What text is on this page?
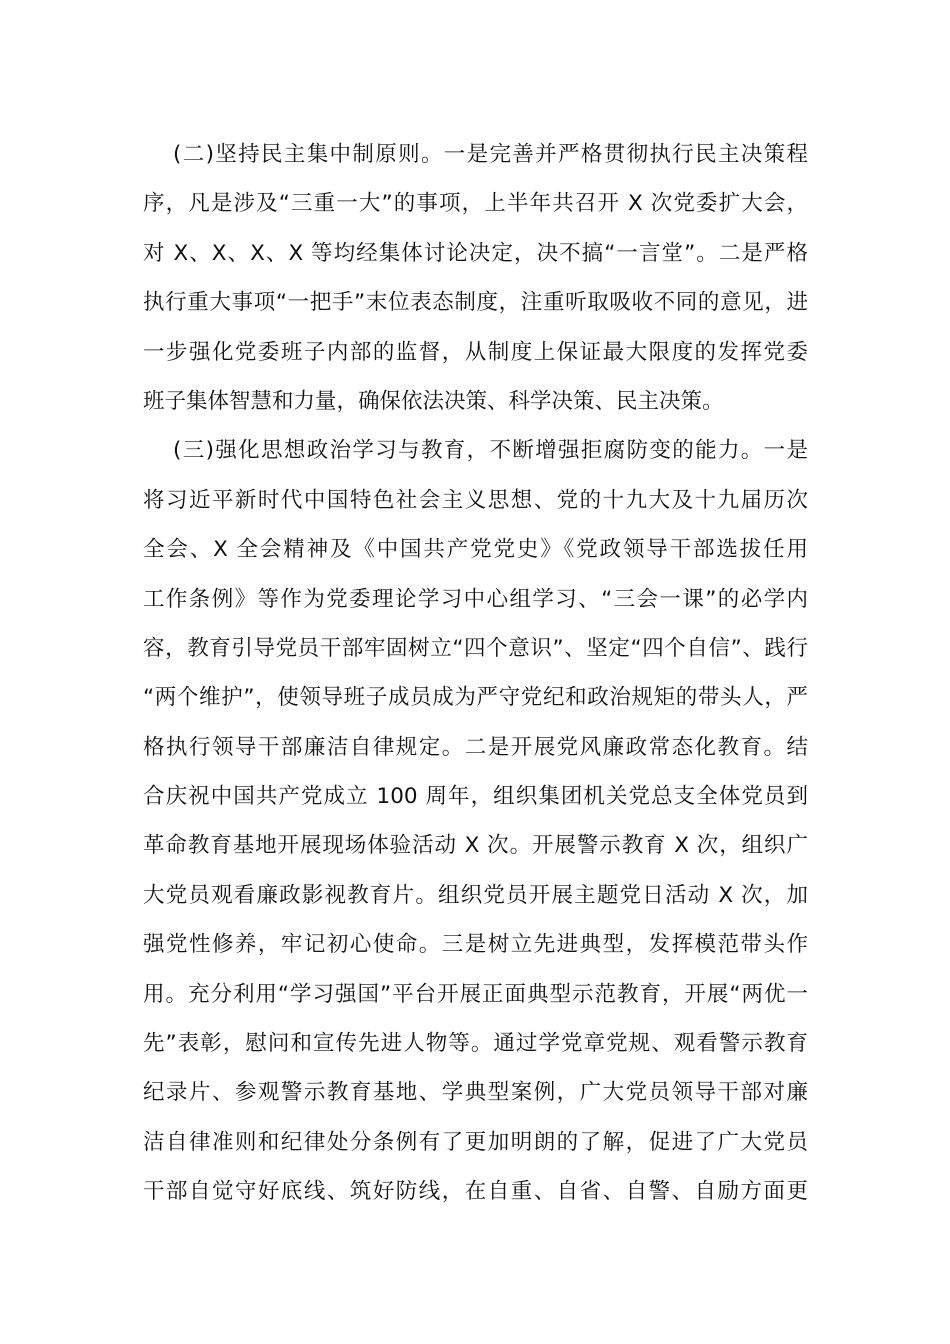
(二)坚持民主集中制原则。一是完善并严格贯彻执行民主决策程
序，凡是涉及“三重一大”的事项，上半年共召开 X 次党委扩大会，
对 X、X、X、X 等均经集体讨论决定，决不搞“一言堂”。二是严格
执行重大事项“一把手”末位表态制度，注重听取吸收不同的意见，进
一步强化党委班子内部的监督，从制度上保证最大限度的发挥党委
班子集体智慧和力量，确保依法决策、科学决策、民主决策。
(三)强化思想政治学习与教育，不断增强拒腐防变的能力。一是
将习近平新时代中国特色社会主义思想、党的十九大及十九届历次
全会、X 全会精神及《中国共产党党史》《党政领导干部选拔任用
工作条例》等作为党委理论学习中心组学习、“三会一课”的必学内
容，教育引导党员干部牢固树立“四个意识”、坚定“四个自信”、践行
“两个维护”，使领导班子成员成为严守党纪和政治规矩的带头人，严
格执行领导干部廉洁自律规定。二是开展党风廉政常态化教育。结
合庆祝中国共产党成立 100 周年，组织集团机关党总支全体党员到
革命教育基地开展现场体验活动 X 次。开展警示教育 X 次，组织广
大党员观看廉政影视教育片。组织党员开展主题党日活动 X 次，加
强党性修养，牢记初心使命。三是树立先进典型，发挥模范带头作
用。充分利用“学习强国”平台开展正面典型示范教育，开展“两优一
先”表彰，慰问和宣传先进人物等。通过学党章党规、观看警示教育
纪录片、参观警示教育基地、学典型案例，广大党员领导干部对廉
洁自律准则和纪律处分条例有了更加明朗的了解，促进了广大党员
干部自觉守好底线、筑好防线，在自重、自省、自警、自励方面更
